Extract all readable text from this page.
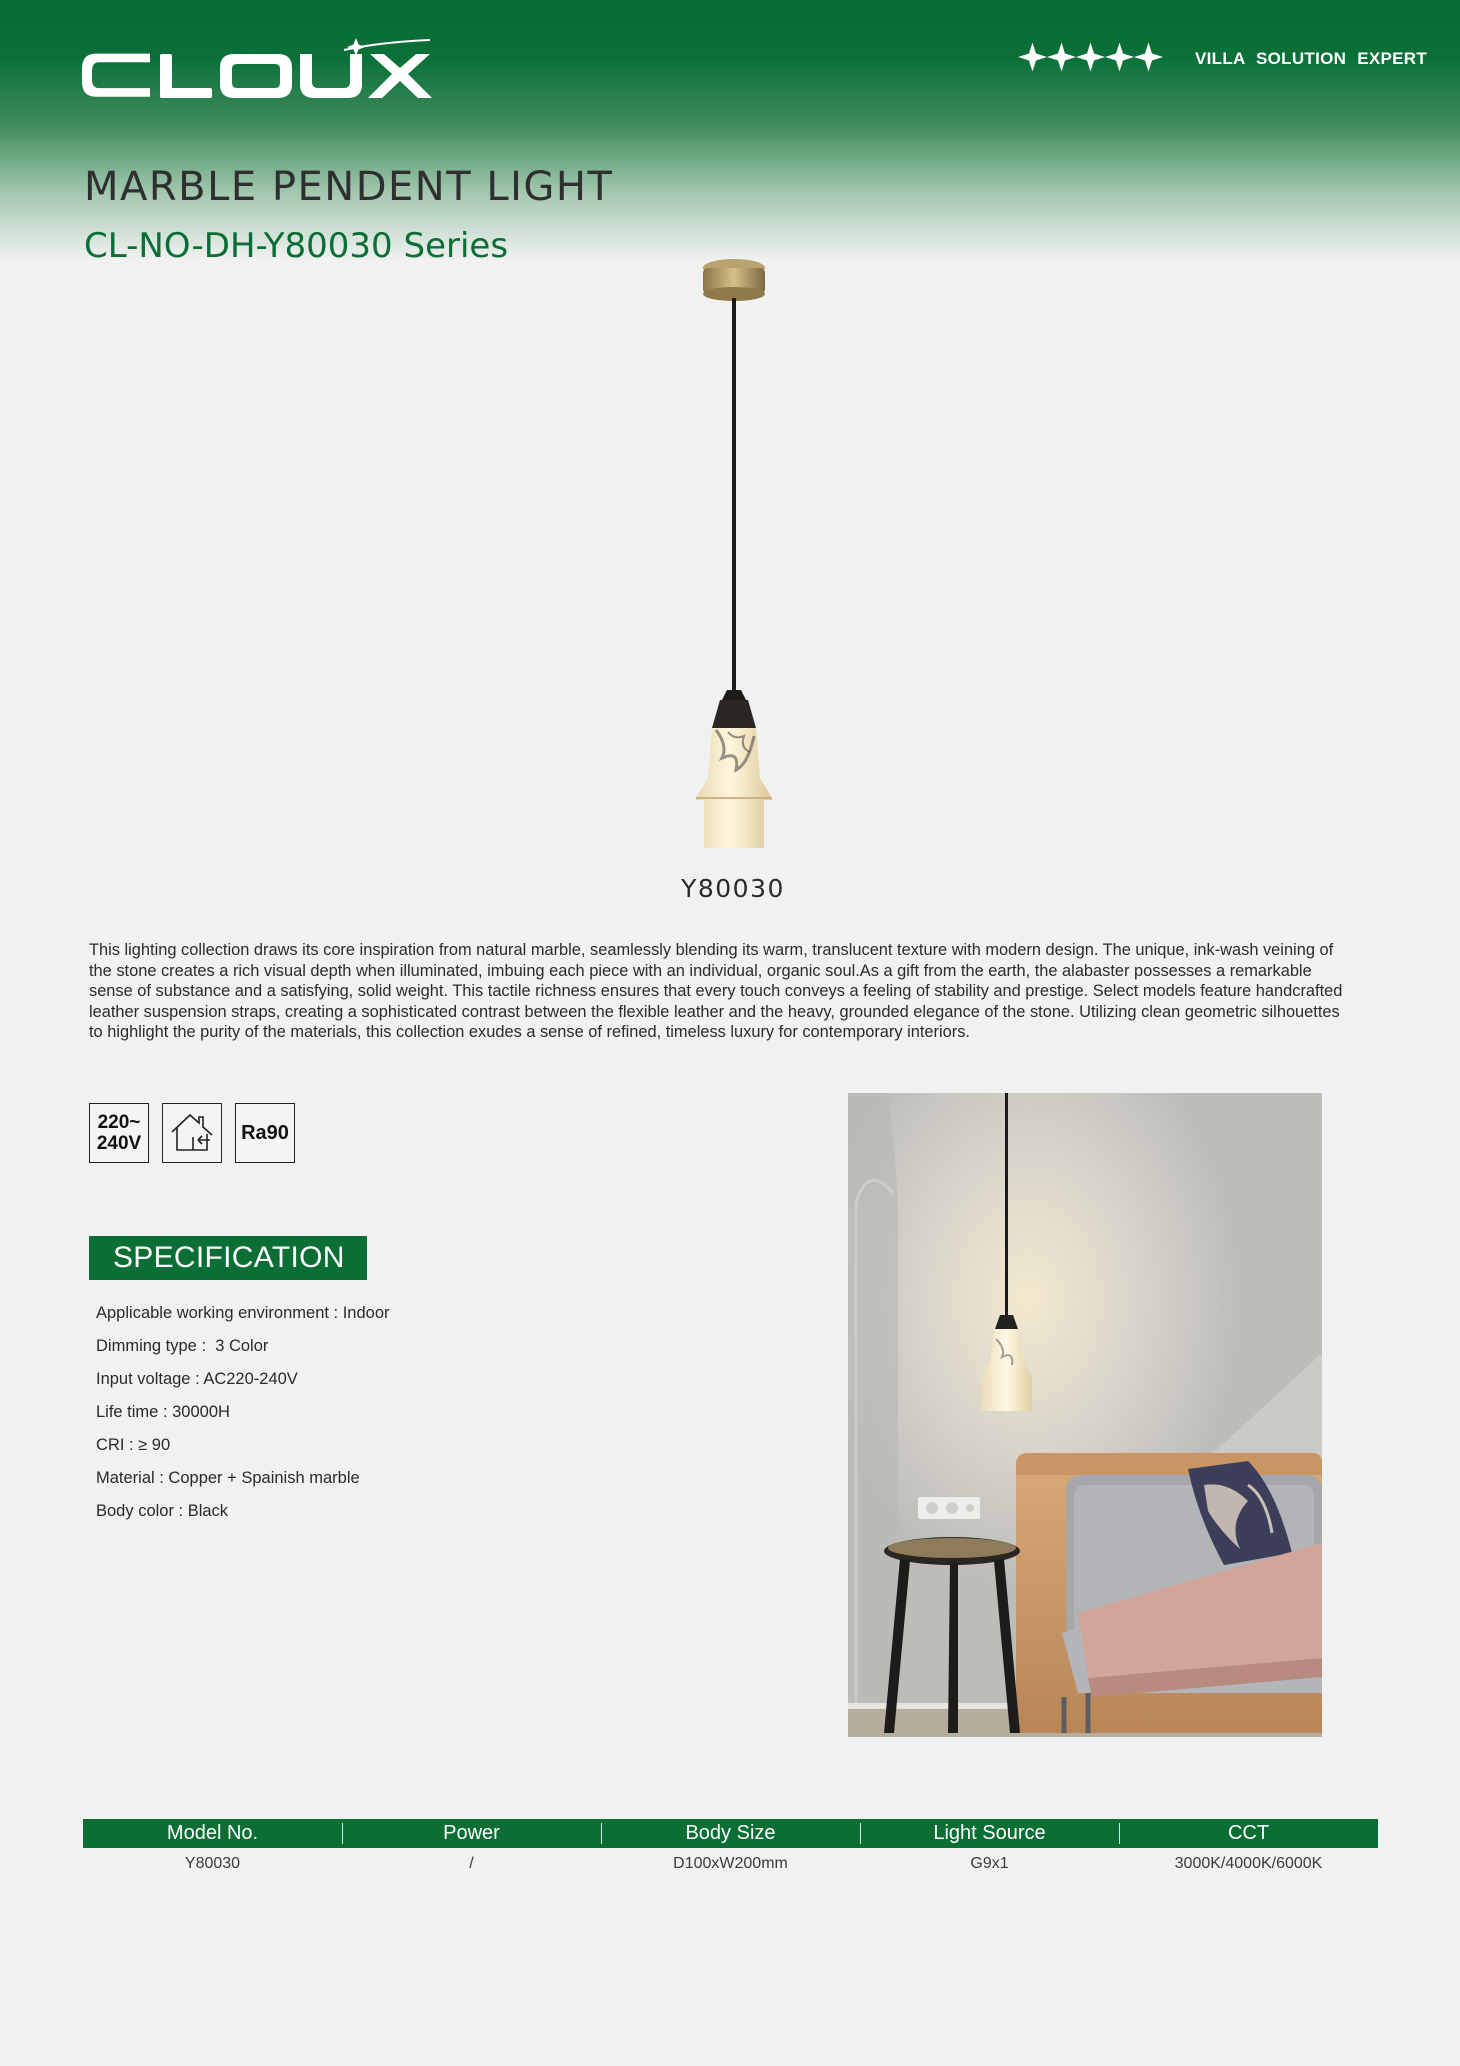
VILLA SOLUTION EXPERT
MARBLE PENDENT LIGHT
CL-NO-DH-Y80030 Series
Y80030

This lighting collection draws its core inspiration from natural marble, seamlessly blending its warm, translucent texture with modern design. The unique, ink-wash veining of the stone creates a rich visual depth when illuminated, imbuing each piece with an individual, organic soul.As a gift from the earth, the alabaster possesses a remarkable sense of substance and a satisfying, solid weight. This tactile richness ensures that every touch conveys a feeling of stability and prestige. Select models feature handcrafted leather suspension straps, creating a sophisticated contrast between the flexible leather and the heavy, grounded elegance of the stone. Utilizing clean geometric silhouettes to highlight the purity of the materials, this collection exudes a sense of refined, timeless luxury for contemporary interiors.

220~
240V	Ra90
SPECIFICATION
Applicable working environment : Indoor
Dimming type :  3 Color
Input voltage : AC220-240V
Life time : 30000H
CRI : ≥ 90
Material : Copper + Spainish marble
Body color : Black
Model No.	Power	Body Size	Light Source	CCT
Y80030	/	D100xW200mm	G9x1	3000K/4000K/6000K
